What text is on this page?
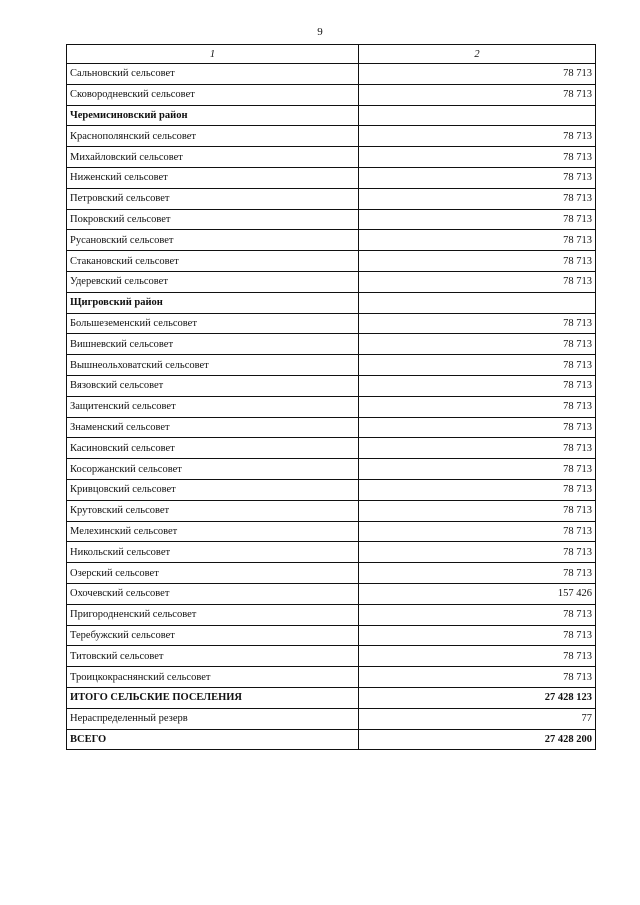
9
1	2
Сальновский сельсовет	78 713
Сковородневский сельсовет	78 713
Черемисиновский район	
Краснополянский сельсовет	78 713
Михайловский сельсовет	78 713
Ниженский сельсовет	78 713
Петровский сельсовет	78 713
Покровский сельсовет	78 713
Русановский сельсовет	78 713
Стакановский сельсовет	78 713
Удеревский сельсовет	78 713
Щигровский район	
Большеземенский сельсовет	78 713
Вишневский сельсовет	78 713
Вышнеольховатский сельсовет	78 713
Вязовский сельсовет	78 713
Защитенский сельсовет	78 713
Знаменский сельсовет	78 713
Касиновский сельсовет	78 713
Косоржанский сельсовет	78 713
Кривцовский сельсовет	78 713
Крутовский сельсовет	78 713
Мелехинский сельсовет	78 713
Никольский сельсовет	78 713
Озерский сельсовет	78 713
Охочевский сельсовет	157 426
Пригородненский сельсовет	78 713
Теребужский сельсовет	78 713
Титовский сельсовет	78 713
Троицкокраснянский сельсовет	78 713
ИТОГО СЕЛЬСКИЕ ПОСЕЛЕНИЯ	27 428 123
Нераспределенный резерв	77
ВСЕГО	27 428 200
